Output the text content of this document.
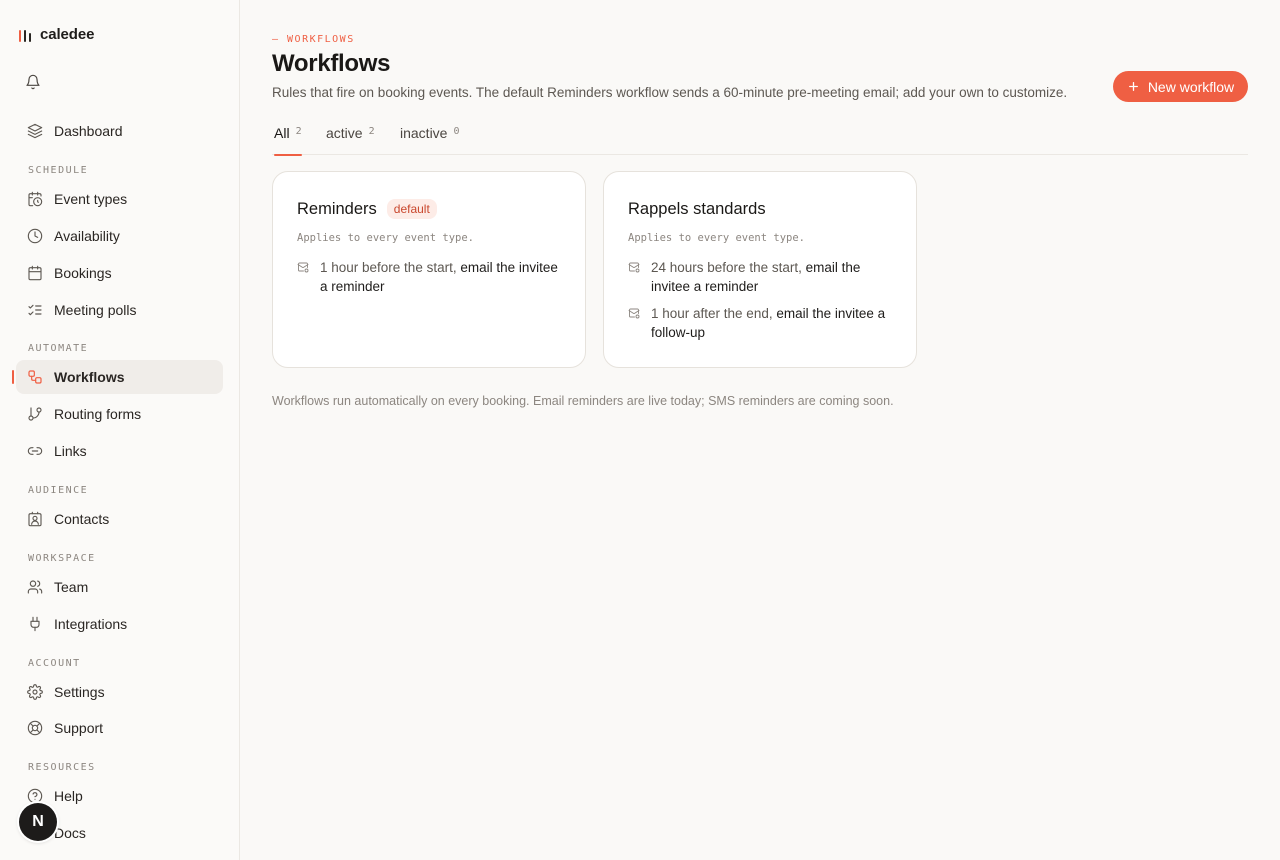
caledee
Dashboard
SCHEDULE
Event types
Availability
Bookings
Meeting polls
AUTOMATE
Workflows
Routing forms
Links
AUDIENCE
Contacts
WORKSPACE
Team
Integrations
ACCOUNT
Settings
Support
RESOURCES
Help
Docs
N
— WORKFLOWS
Workflows

Rules that fire on booking events. The default Reminders workflow sends a 60-minute pre-meeting email; add your own to customize.	New workflow
All 2 active 2 inactive 0
Reminders	default
Applies to every event type.
1 hour before the start, email the invitee a reminder
Rappels standards
Applies to every event type.
24 hours before the start, email the invitee a reminder
1 hour after the end, email the invitee a follow-up

Workflows run automatically on every booking. Email reminders are live today; SMS reminders are coming soon.
